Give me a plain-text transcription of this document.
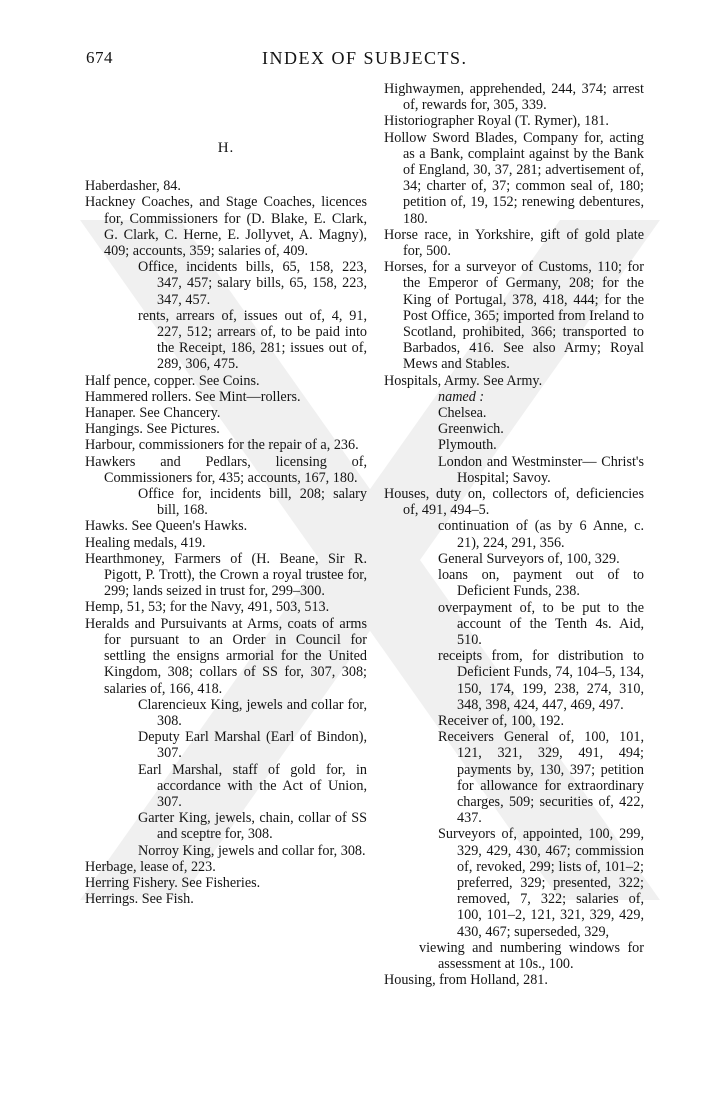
674	INDEX OF SUBJECTS.
H.

Haberdasher, 84.

Hackney Coaches, and Stage Coaches, licences for, Commissioners for (D. Blake, E. Clark, G. Clark, C. Herne, E. Jollyvet, A. Magny), 409; accounts, 359; salaries of, 409.

Office, incidents bills, 65, 158, 223, 347, 457; salary bills, 65, 158, 223, 347, 457.

rents, arrears of, issues out of, 4, 91, 227, 512; arrears of, to be paid into the Receipt, 186, 281; issues out of, 289, 306, 475.

Half pence, copper. See Coins.

Hammered rollers. See Mint—rollers.

Hanaper. See Chancery.

Hangings. See Pictures.

Harbour, commissioners for the repair of a, 236.

Hawkers and Pedlars, licensing of, Commissioners for, 435; accounts, 167, 180.

Office for, incidents bill, 208; salary bill, 168.

Hawks. See Queen's Hawks.

Healing medals, 419.

Hearthmoney, Farmers of (H. Beane, Sir R. Pigott, P. Trott), the Crown a royal trustee for, 299; lands seized in trust for, 299–300.

Hemp, 51, 53; for the Navy, 491, 503, 513.

Heralds and Pursuivants at Arms, coats of arms for pursuant to an Order in Council for settling the ensigns armorial for the United Kingdom, 308; collars of SS for, 307, 308; salaries of, 166, 418.

Clarencieux King, jewels and collar for, 308.

Deputy Earl Marshal (Earl of Bindon), 307.

Earl Marshal, staff of gold for, in accordance with the Act of Union, 307.

Garter King, jewels, chain, collar of SS and sceptre for, 308.

Norroy King, jewels and collar for, 308.

Herbage, lease of, 223.

Herring Fishery. See Fisheries.

Herrings. See Fish.

Highwaymen, apprehended, 244, 374; arrest of, rewards for, 305, 339.

Historiographer Royal (T. Rymer), 181.

Hollow Sword Blades, Company for, acting as a Bank, complaint against by the Bank of England, 30, 37, 281; advertisement of, 34; charter of, 37; common seal of, 180; petition of, 19, 152; renewing debentures, 180.

Horse race, in Yorkshire, gift of gold plate for, 500.

Horses, for a surveyor of Customs, 110; for the Emperor of Germany, 208; for the King of Portugal, 378, 418, 444; for the Post Office, 365; imported from Ireland to Scotland, prohibited, 366; transported to Barbados, 416. See also Army; Royal Mews and Stables.

Hospitals, Army. See Army.

named :

Chelsea.

Greenwich.

Plymouth.

London and Westminster— Christ's Hospital; Savoy.

Houses, duty on, collectors of, deficiencies of, 491, 494–5.

continuation of (as by 6 Anne, c. 21), 224, 291, 356.

General Surveyors of, 100, 329.

loans on, payment out of to Deficient Funds, 238.

overpayment of, to be put to the account of the Tenth 4s. Aid, 510.

receipts from, for distribution to Deficient Funds, 74, 104–5, 134, 150, 174, 199, 238, 274, 310, 348, 398, 424, 447, 469, 497.

Receiver of, 100, 192.

Receivers General of, 100, 101, 121, 321, 329, 491, 494; payments by, 130, 397; petition for allowance for extraordinary charges, 509; securities of, 422, 437.

Surveyors of, appointed, 100, 299, 329, 429, 430, 467; commission of, revoked, 299; lists of, 101–2; preferred, 329; presented, 322; removed, 7, 322; salaries of, 100, 101–2, 121, 321, 329, 429, 430, 467; superseded, 329,

viewing and numbering windows for assessment at 10s., 100.

Housing, from Holland, 281.
